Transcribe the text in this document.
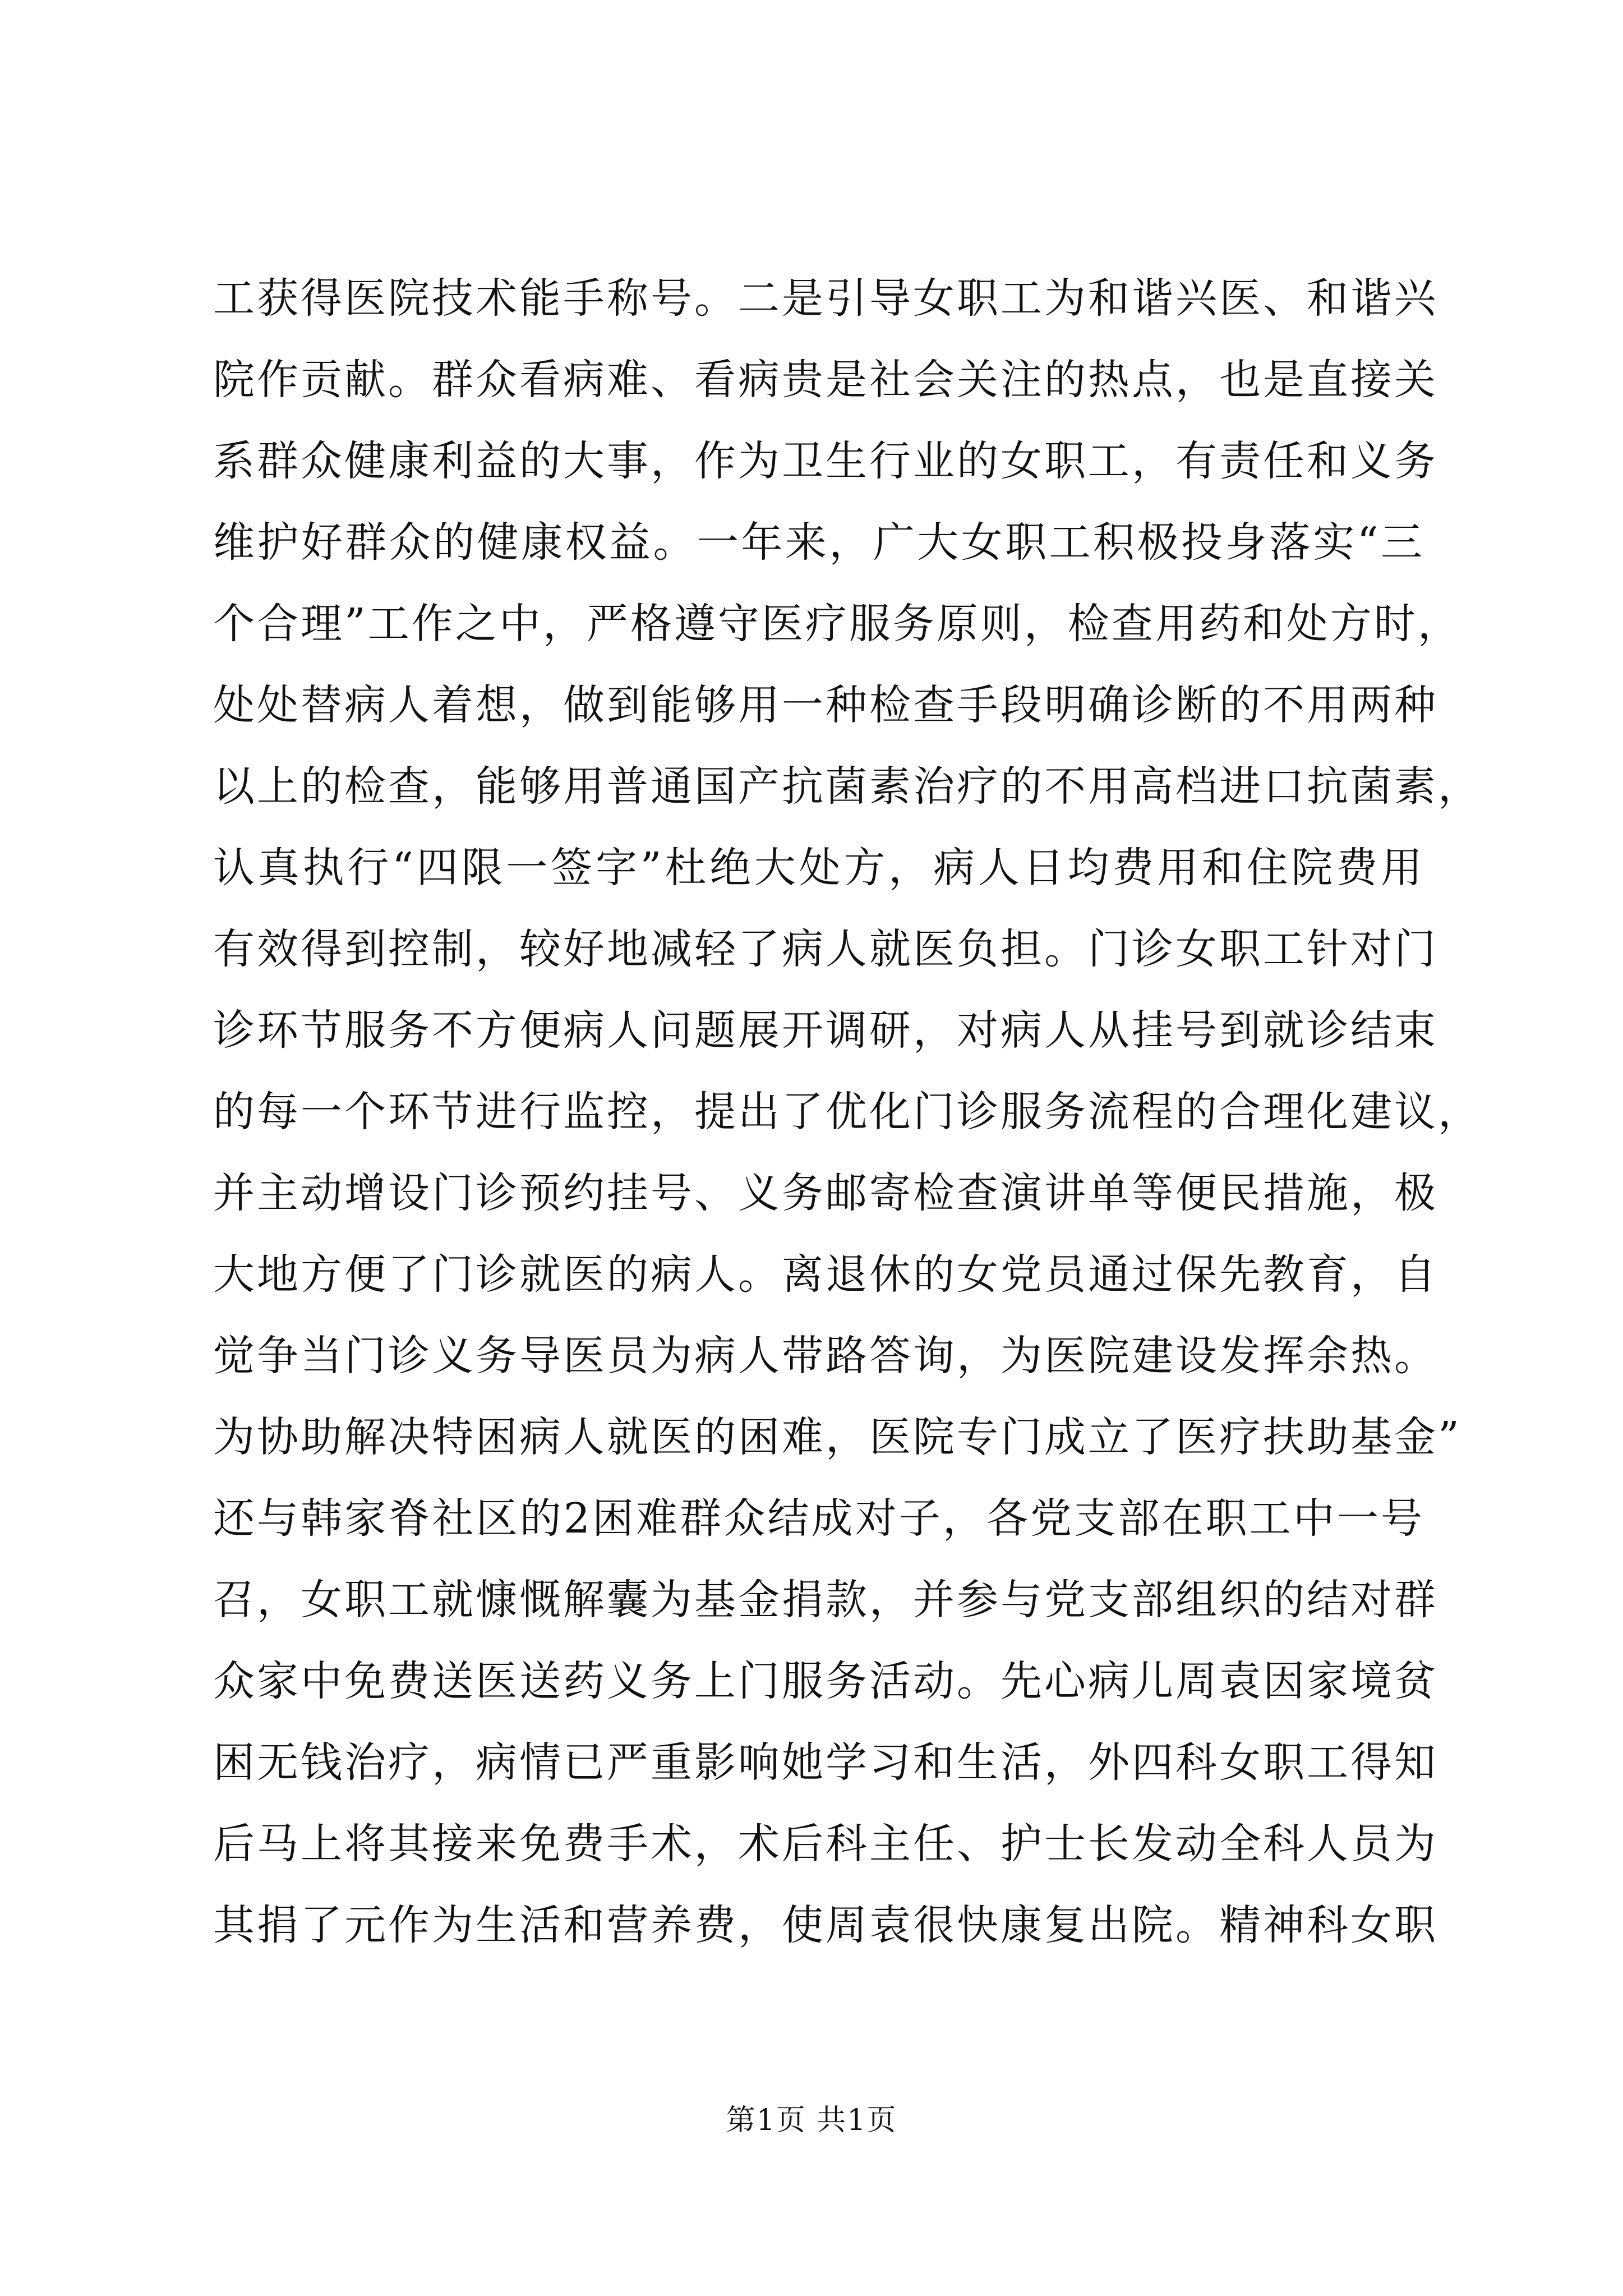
工获得医院技术能手称号。二是引导女职工为和谐兴医、和谐兴
院作贡献。群众看病难、看病贵是社会关注的热点，也是直接关
系群众健康利益的大事，作为卫生行业的女职工，有责任和义务
维护好群众的健康权益。一年来，广大女职工积极投身落实“三
个合理”工作之中，严格遵守医疗服务原则，检查用药和处方时，
处处替病人着想，做到能够用一种检查手段明确诊断的不用两种
以上的检查，能够用普通国产抗菌素治疗的不用高档进口抗菌素，
认真执行“四限一签字”杜绝大处方，病人日均费用和住院费用
有效得到控制，较好地减轻了病人就医负担。门诊女职工针对门
诊环节服务不方便病人问题展开调研，对病人从挂号到就诊结束
的每一个环节进行监控，提出了优化门诊服务流程的合理化建议，
并主动增设门诊预约挂号、义务邮寄检查演讲单等便民措施，极
大地方便了门诊就医的病人。离退休的女党员通过保先教育，自
觉争当门诊义务导医员为病人带路答询，为医院建设发挥余热。
为协助解决特困病人就医的困难，医院专门成立了医疗扶助基金”
还与韩家脊社区的2困难群众结成对子，各党支部在职工中一号
召，女职工就慷慨解囊为基金捐款，并参与党支部组织的结对群
众家中免费送医送药义务上门服务活动。先心病儿周袁因家境贫
困无钱治疗，病情已严重影响她学习和生活，外四科女职工得知
后马上将其接来免费手术，术后科主任、护士长发动全科人员为
其捐了元作为生活和营养费，使周袁很快康复出院。精神科女职
第1页 共1页
